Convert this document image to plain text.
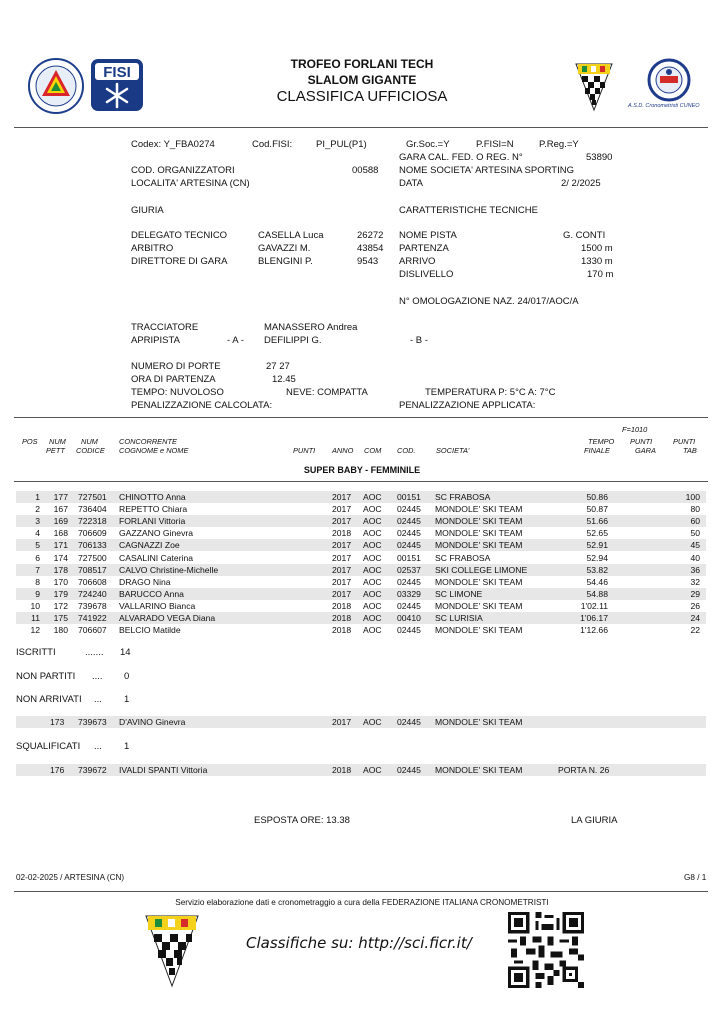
FISI	TROFEO FORLANI TECH
SLALOM GIGANTE
CLASSIFICA UFFICIOSA
A.S.D. Cronometristi CUNEO
Codex: Y_FBA0274	Cod.FISI:	PI_PUL(P1)	Gr.Soc.=Y	P.FISI=N	P.Reg.=Y
GARA CAL. FED. O REG. N°	53890
COD. ORGANIZZATORI	00588 NOME SOCIETA' ARTESINA SPORTING
LOCALITA' ARTESINA (CN)	DATA	2/ 2/2025
GIURIA	CARATTERISTICHE TECNICHE
DELEGATO TECNICO	CASELLA Luca	26272 NOME PISTA	G. CONTI
ARBITRO	GAVAZZI M.	43854 PARTENZA	1500 m
DIRETTORE DI GARA	BLENGINI P.	9543 ARRIVO	1330 m
DISLIVELLO	170 m
N° OMOLOGAZIONE NAZ. 24/017/AOC/A
TRACCIATORE	MANASSERO Andrea
APRIPISTA	- A - DEFILIPPI G.	- B -
NUMERO DI PORTE	27 27
ORA DI PARTENZA	12.45
TEMPO: NUVOLOSO	NEVE: COMPATTA	TEMPERATURA P: 5°C A: 7°C
PENALIZZAZIONE CALCOLATA:	PENALIZZAZIONE APPLICATA:
F=1010
POS NUM
PETT
NUM
CODICE
CONCORRENTE
COGNOME e NOME	PUNTI ANNO COM COD.	SOCIETA'
TEMPO
FINALE
PUNTI
GARA
PUNTI
TAB
SUPER BABY - FEMMINILE
1	177 727501	CHINOTTO Anna	2017	AOC	00151	SC FRABOSA	50.86	100
2	167 736404	REPETTO Chiara	2017	AOC	02445	MONDOLE' SKI TEAM	50.87	80
3	169 722318	FORLANI Vittoria	2017	AOC	02445	MONDOLE' SKI TEAM	51.66	60
4	168 706609	GAZZANO Ginevra	2018	AOC	02445	MONDOLE' SKI TEAM	52.65	50
5	171 706133	CAGNAZZI Zoe	2017	AOC	02445	MONDOLE' SKI TEAM	52.91	45
6	174 727500	CASALINI Caterina	2017	AOC	00151	SC FRABOSA	52.94	40
7	178 708517	CALVO Christine-Michelle	2017	AOC	02537	SKI COLLEGE LIMONE	53.82	36
8	170 706608	DRAGO Nina	2017	AOC	02445	MONDOLE' SKI TEAM	54.46	32
9	179 724240	BARUCCO Anna	2017	AOC	03329	SC LIMONE	54.88	29
10	172 739678	VALLARINO Bianca	2018	AOC	02445	MONDOLE' SKI TEAM	1'02.11	26
11	175 741922	ALVARADO VEGA Diana	2018	AOC	00410	SC LURISIA	1'06.17	24
12	180 706607	BELCIO Matilde	2018	AOC	02445	MONDOLE' SKI TEAM	1'12.66	22
ISCRITTI	....... 14
NON PARTITI .... 0
NON ARRIVATI ... 1
173 739673 D'AVINO Ginevra	2017 AOC 02445 MONDOLE' SKI TEAM
SQUALIFICATI ... 1
176 739672 IVALDI SPANTI Vittoria	2018 AOC 02445 MONDOLE' SKI TEAM	PORTA N. 26
ESPOSTA ORE: 13.38	LA GIURIA
02-02-2025 / ARTESINA (CN)	G8 / 1
Servizio elaborazione dati e cronometraggio a cura della FEDERAZIONE ITALIANA CRONOMETRISTI
Classifiche su: http://sci.ficr.it/
